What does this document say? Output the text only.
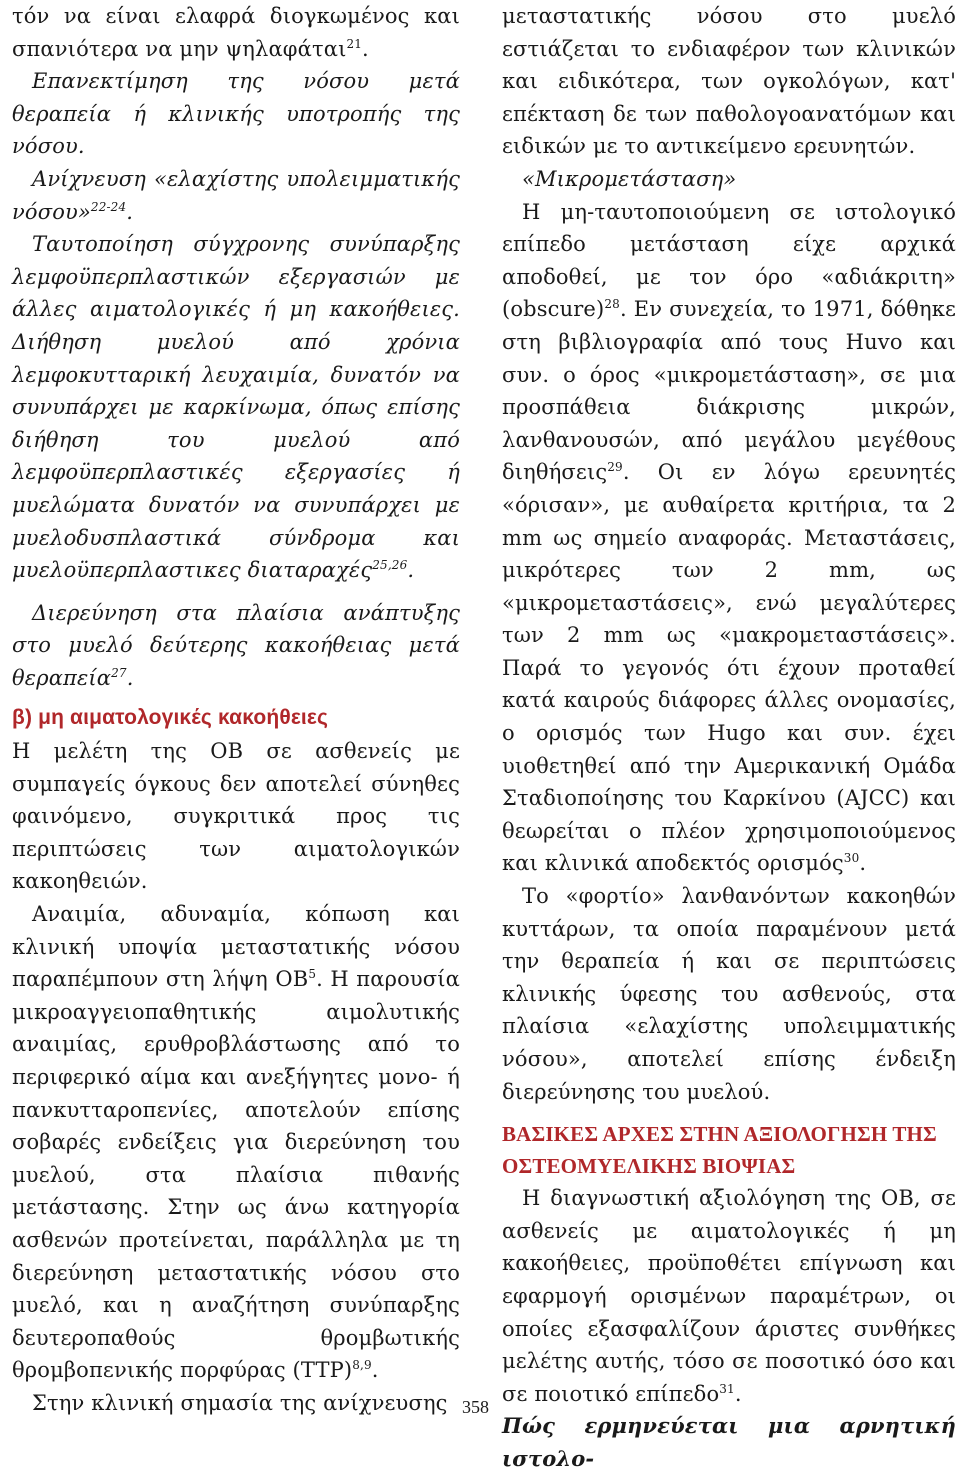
τόν να είναι ελαφρά διογκωμένος και σπανιότερα να μην ψηλαφάται$^{21}$.

Επανεκτίμηση της νόσου μετά θεραπεία ή κλινικής υποτροπής της νόσου.

Ανίχνευση «ελαχίστης υπολειμματικής νόσου»$^{22-24}$.

Ταυτοποίηση σύγχρονης συνύπαρξης λεμφοϋπερπλαστικών εξεργασιών με άλλες αιματολογικές ή μη κακοήθειες. Διήθηση μυελού από χρόνια λεμφοκυτταρική λευχαιμία, δυνατόν να συνυπάρχει με καρκίνωμα, όπως επίσης διήθηση του μυελού από λεμφοϋπερπλαστικές εξεργασίες ή μυελώματα δυνατόν να συνυπάρχει με μυελοδυσπλαστικά σύνδρομα και μυελοϋπερπλαστικες διαταραχές$^{25,26}$.

Διερεύνηση στα πλαίσια ανάπτυξης στο μυελό δεύτερης κακοήθειας μετά θεραπεία$^{27}$.

β) μη αιματολογικές κακοήθειες

Η μελέτη της ΟΒ σε ασθενείς με συμπαγείς όγκους δεν αποτελεί σύνηθες φαινόμενο, συγκριτικά προς τις περιπτώσεις των αιματολογικών κακοηθειών.

Αναιμία, αδυναμία, κόπωση και κλινική υποψία μεταστατικής νόσου παραπέμπουν στη λήψη $OB^5$. Η παρουσία μικροαγγειοπαθητικής αιμολυτικής αναιμίας, ερυθροβλάστωσης από το περιφερικό αίμα και ανεξήγητες μονο- ή πανκυτταροπενίες, αποτελούν επίσης σοβαρές ενδείξεις για διερεύνηση του μυελού, στα πλαίσια πιθανής μετάστασης. Στην ως άνω κατηγορία ασθενών προτείνεται, παράλληλα με τη διερεύνηση μεταστατικής νόσου στο μυελό, και η αναζήτηση συνύπαρξης δευτεροπαθούς θρομβωτικής θρομβοπενικής πορφύρας (TTP)$^{8,9}$.

Στην κλινική σημασία της ανίχνευσης

μεταστατικής νόσου στο μυελό εστιάζεται το ενδιαφέρον των κλινικών και ειδικότερα, των ογκολόγων, κατ' επέκταση δε των παθολογοανατόμων και ειδικών με το αντικείμενο ερευνητών.

«Μικρομετάσταση»

Η μη-ταυτοποιούμενη σε ιστολογικό επίπεδο μετάσταση είχε αρχικά αποδοθεί, με τον όρο «αδιάκριτη» (obscure)$^{28}$. Εν συνεχεία, το 1971, δόθηκε στη βιβλιογραφία από τους Huvo και συν. ο όρος «μικρομετάσταση», σε μια προσπάθεια διάκρισης μικρών, λανθανουσών, από μεγάλου μεγέθους διηθήσεις$^{29}$. Οι εν λόγω ερευνητές «όρισαν», με αυθαίρετα κριτήρια, τα 2 mm ως σημείο αναφοράς. Μεταστάσεις, μικρότερες των 2 mm, ως «μικρομεταστάσεις», ενώ μεγαλύτερες των 2 mm ως «μακρομεταστάσεις». Παρά το γεγονός ότι έχουν προταθεί κατά καιρούς διάφορες άλλες ονομασίες, ο ορισμός των Hugo και συν. έχει υιοθετηθεί από την Αμερικανική Ομάδα Σταδιοποίησης του Καρκίνου (AJCC) και θεωρείται ο πλέον χρησιμοποιούμενος και κλινικά αποδεκτός ορισμός$^{30}$.

Το «φορτίο» λανθανόντων κακοηθών κυττάρων, τα οποία παραμένουν μετά την θεραπεία ή και σε περιπτώσεις κλινικής ύφεσης του ασθενούς, στα πλαίσια «ελαχίστης υπολειμματικής νόσου», αποτελεί επίσης ένδειξη διερεύνησης του μυελού.

ΒΑΣΙΚΕΣ ΑΡΧΕΣ ΣΤΗΝ ΑΞΙΟΛΟΓΗΣΗ ΤΗΣ ΟΣΤΕΟΜΥΕΛΙΚΗΣ ΒΙΟΨΙΑΣ

Η διαγνωστική αξιολόγηση της ΟΒ, σε ασθενείς με αιματολογικές ή μη κακοήθειες, προϋποθέτει επίγνωση και εφαρμογή ορισμένων παραμέτρων, οι οποίες εξασφαλίζουν άριστες συνθήκες μελέτης αυτής, τόσο σε ποσοτικό όσο και σε ποιοτικό επίπεδο$^{31}$.

Πώς ερμηνεύεται μια αρνητική ιστολο-

358
